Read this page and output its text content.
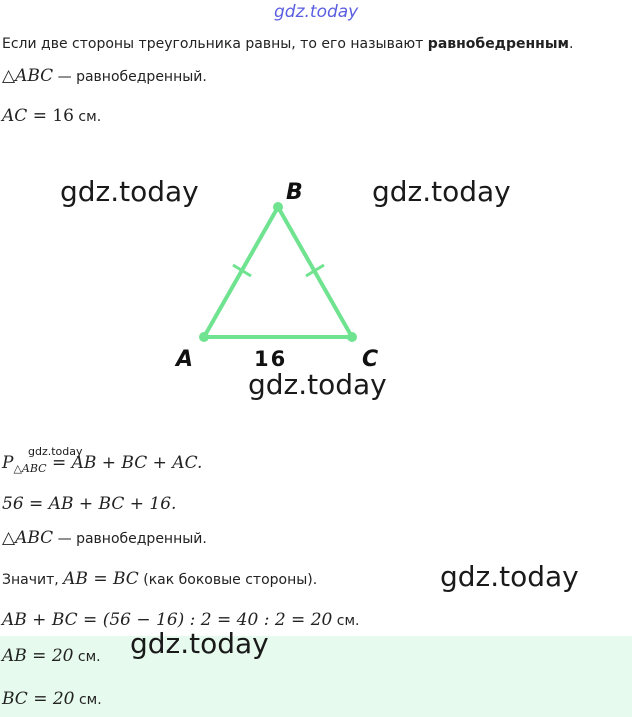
gdz.today
Если две стороны треугольника равны, то его называют равнобедренным.
△ABC — равнобедренный.
AC = 16 см.
B
A	C
16
gdz.today	gdz.today
gdz.today
gdz.today
$P_{\triangle ABC}$ = AB + BC + AC.
56 = AB + BC + 16.
△ABC — равнобедренный.
Значит, AB = BC (как боковые стороны).	gdz.today
AB + BC = (56 − 16) : 2 = 40 : 2 = 20 см.
AB = 20 см. gdz.today
BC = 20 см.
